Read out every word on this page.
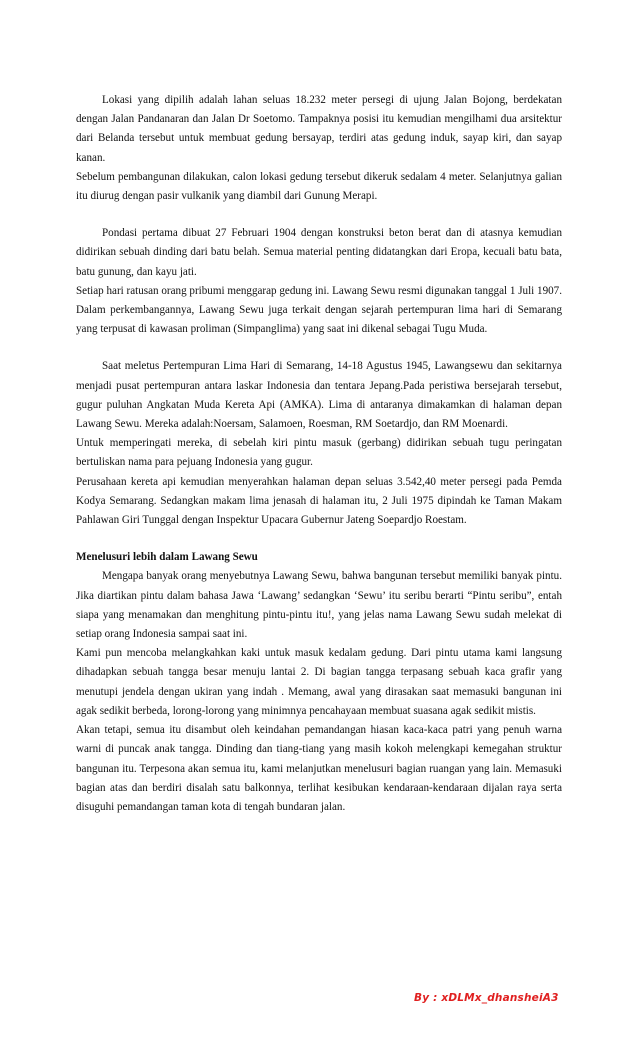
Lokasi yang dipilih adalah lahan seluas 18.232 meter persegi di ujung Jalan Bojong, berdekatan dengan Jalan Pandanaran dan Jalan Dr Soetomo. Tampaknya posisi itu kemudian mengilhami dua arsitektur dari Belanda tersebut untuk membuat gedung bersayap, terdiri atas gedung induk, sayap kiri, dan sayap kanan.

Sebelum pembangunan dilakukan, calon lokasi gedung tersebut dikeruk sedalam 4 meter. Selanjutnya galian itu diurug dengan pasir vulkanik yang diambil dari Gunung Merapi.

Pondasi pertama dibuat 27 Februari 1904 dengan konstruksi beton berat dan di atasnya kemudian didirikan sebuah dinding dari batu belah. Semua material penting didatangkan dari Eropa, kecuali batu bata, batu gunung, dan kayu jati.

Setiap hari ratusan orang pribumi menggarap gedung ini. Lawang Sewu resmi digunakan tanggal 1 Juli 1907. Dalam perkembangannya, Lawang Sewu juga terkait dengan sejarah pertempuran lima hari di Semarang yang terpusat di kawasan proliman (Simpanglima) yang saat ini dikenal sebagai Tugu Muda.

Saat meletus Pertempuran Lima Hari di Semarang, 14-18 Agustus 1945, Lawangsewu dan sekitarnya menjadi pusat pertempuran antara laskar Indonesia dan tentara Jepang.Pada peristiwa bersejarah tersebut, gugur puluhan Angkatan Muda Kereta Api (AMKA). Lima di antaranya dimakamkan di halaman depan Lawang Sewu. Mereka adalah:Noersam, Salamoen, Roesman, RM Soetardjo, dan RM Moenardi.

Untuk memperingati mereka, di sebelah kiri pintu masuk (gerbang) didirikan sebuah tugu peringatan bertuliskan nama para pejuang Indonesia yang gugur.

Perusahaan kereta api kemudian menyerahkan halaman depan seluas 3.542,40 meter persegi pada Pemda Kodya Semarang. Sedangkan makam lima jenasah di halaman itu, 2 Juli 1975 dipindah ke Taman Makam Pahlawan Giri Tunggal dengan Inspektur Upacara Gubernur Jateng Soepardjo Roestam.

Menelusuri lebih dalam Lawang Sewu

Mengapa banyak orang menyebutnya Lawang Sewu, bahwa bangunan tersebut memiliki banyak pintu. Jika diartikan pintu dalam bahasa Jawa ‘Lawang’ sedangkan ‘Sewu’ itu seribu berarti “Pintu seribu”, entah siapa yang menamakan dan menghitung pintu-pintu itu!, yang jelas nama Lawang Sewu sudah melekat di setiap orang Indonesia sampai saat ini.

Kami pun mencoba melangkahkan kaki untuk masuk kedalam gedung. Dari pintu utama kami langsung dihadapkan sebuah tangga besar menuju lantai 2. Di bagian tangga terpasang sebuah kaca grafir yang menutupi jendela dengan ukiran yang indah . Memang, awal yang dirasakan saat memasuki bangunan ini agak sedikit berbeda, lorong-lorong yang minimnya pencahayaan membuat suasana agak sedikit mistis.

Akan tetapi, semua itu disambut oleh keindahan pemandangan hiasan kaca-kaca patri yang penuh warna warni di puncak anak tangga. Dinding dan tiang-tiang yang masih kokoh melengkapi kemegahan struktur bangunan itu. Terpesona akan semua itu, kami melanjutkan menelusuri bagian ruangan yang lain. Memasuki bagian atas dan berdiri disalah satu balkonnya, terlihat kesibukan kendaraan-kendaraan dijalan raya serta disuguhi pemandangan taman kota di tengah bundaran jalan.

By : xDLMx_dhansheiA3
